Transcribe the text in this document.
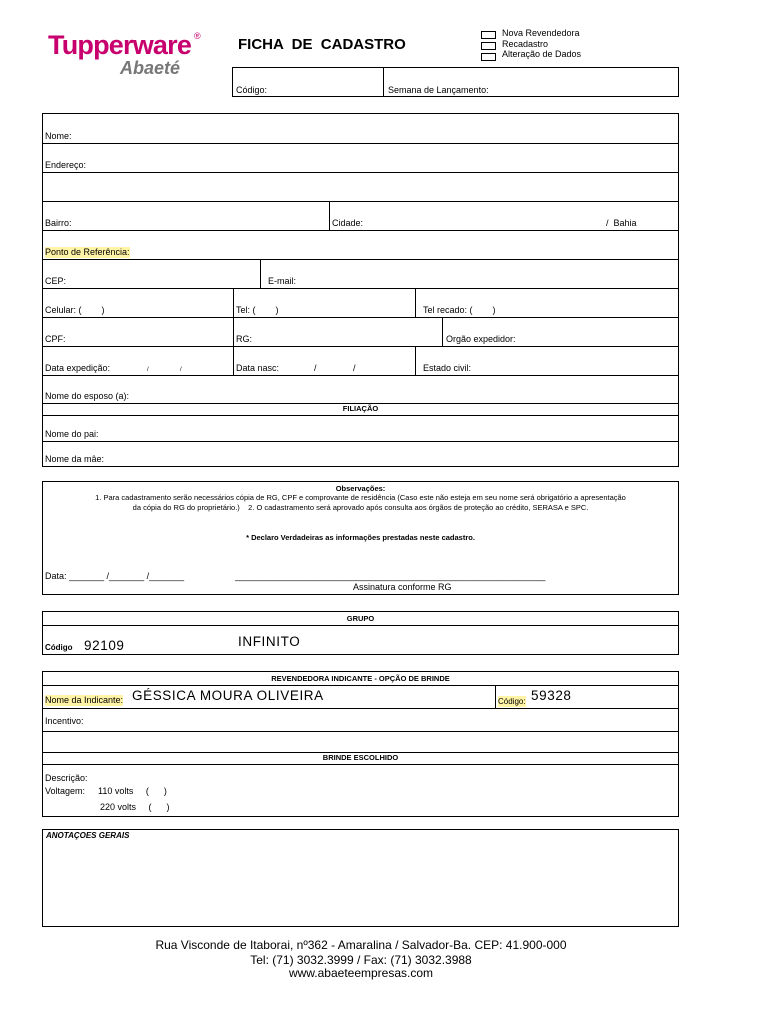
Tupperware ®
Abaeté
FICHA  DE  CADASTRO
Nova Revendedora
Recadastro
Alteração de Dados
Código:	Semana de Lançamento:
Nome:
Endereço:
Bairro:	Cidade:	/  Bahia
Ponto de Referência:
CEP:	E-mail:
Celular: (        )	Tel: (        )	Tel recado: (        )
CPF:	RG:	Orgão expedidor:
Data expedição:	/	/	Data nasc:	/	/	Estado civil:
Nome do esposo (a):
FILIAÇÃO
Nome do pai:
Nome da mâe:
Observações:
1. Para cadastramento serão necessários cópia de RG, CPF e comprovante de residência (Caso este não esteja em seu nome será obrigatório a apresentação
da cópia do RG do proprietário.)    2. O cadastramento será aprovado após consulta aos órgãos de proteção ao crédito, SERASA e SPC.
* Declaro Verdadeiras as informações prestadas neste cadastro.
Data: _______ /_______ /_______	______________________________________________________________
Assinatura conforme RG
GRUPO
Código 92109	INFINITO
REVENDEDORA INDICANTE - OPÇÃO DE BRINDE
BRINDE ESCOLHIDO
Nome da Indicante: GÉSSICA MOURA OLIVEIRA	Código: 59328
Incentivo:
Descrição:
Voltagem: 110 volts     (      )
220 volts     (      )
ANOTAÇOES GERAIS
Rua Visconde de Itaborai, nº362 - Amaralina / Salvador-Ba. CEP: 41.900-000
Tel: (71) 3032.3999 / Fax: (71) 3032.3988
www.abaeteempresas.com
